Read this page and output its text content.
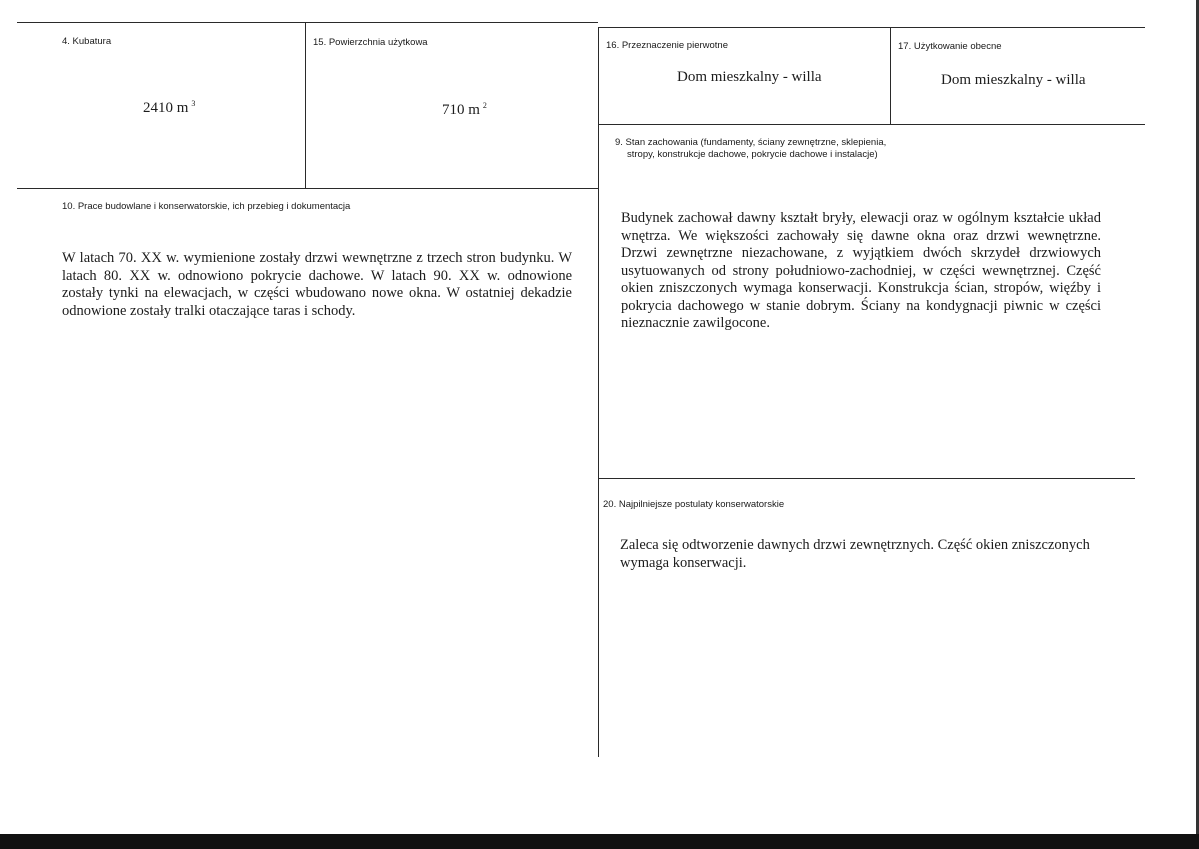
4. Kubatura
2410 m $^3$
15. Powierzchnia użytkowa
710 m $^2$
16. Przeznaczenie pierwotne
Dom mieszkalny - willa
17. Użytkowanie obecne
Dom mieszkalny - willa
9. Stan zachowania (fundamenty, ściany zewnętrzne, sklepienia,
stropy, konstrukcje dachowe, pokrycie dachowe i instalacje)
Budynek zachował dawny kształt bryły, elewacji oraz w ogólnym kształcie układ wnętrza. We większości zachowały się dawne okna oraz drzwi wewnętrzne. Drzwi zewnętrzne niezachowane, z wyjątkiem dwóch skrzydeł drzwiowych usytuowanych od strony południowo-zachodniej, w części wewnętrznej. Część okien zniszczonych wymaga konserwacji. Konstrukcja ścian, stropów, więźby i pokrycia dachowego w stanie dobrym. Ściany na kondygnacji piwnic w części nieznacznie zawilgocone.
10. Prace budowlane i konserwatorskie, ich przebieg i dokumentacja
W latach 70. XX w. wymienione zostały drzwi wewnętrzne z trzech stron budynku. W latach 80. XX w. odnowiono pokrycie dachowe. W latach 90. XX w. odnowione zostały tynki na elewacjach, w części wbudowano nowe okna. W ostatniej dekadzie odnowione zostały tralki otaczające taras i schody.
20. Najpilniejsze postulaty konserwatorskie
Zaleca się odtworzenie dawnych drzwi zewnętrznych. Część okien zniszczonych wymaga konserwacji.
